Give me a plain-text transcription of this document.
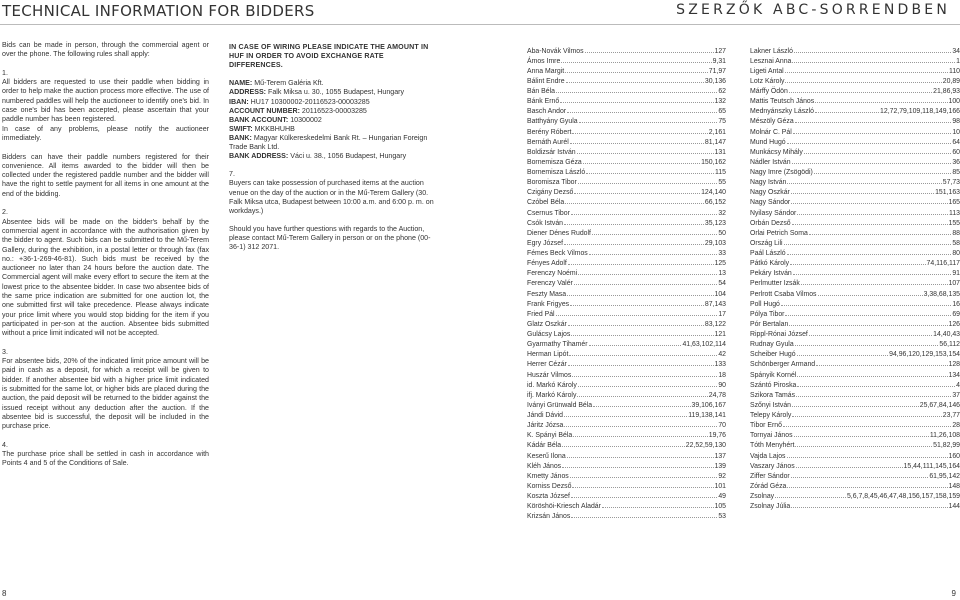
TECHNICAL INFORMATION FOR BIDDERS	SZERZŐK ABC-SORRENDBEN

Bids can be made in person, through the commercial agent or over the phone. The following rules shall apply:

1.
All bidders are requested to use their paddle when bidding in order to help make the auction process more effective. The use of numbered paddles will help the auctioneer to identify one's bid. In case one's bid has been accepted, please ascertain that your paddle number has been registered.
In case of any problems, please notify the auctioneer immediately.

Bidders can have their paddle numbers registered for their convenience. All items awarded to the bidder will then be collected under the registered paddle number and the bidder will have the right to settle payment for all items in one amount at the end of the bidding.

2.
Absentee bids will be made on the bidder's behalf by the commercial agent in accordance with the authorisation given by the bidder to agent. Such bids can be submitted to the Mű-Terem Gallery, during the exhibition, in a postal letter or through fax (fax no.: +36-1-269-46-81). Such bids must be received by the auctioneer no later than 24 hours before the auction date. The Commercial agent will make every effort to secure the item at the lowest price to the absentee bidder. In case two absentee bids of the same price indication are submitted for one auction lot, the one submitted first will take precedence. Please always indicate your price limit where you would stop bidding for the item if you participated in per-son at the auction. Absentee bids submitted without a price limit indicated will not be accepted.

3.
For absentee bids, 20% of the indicated limit price amount will be paid in cash as a deposit, for which a receipt will be given to bidder. If another absentee bid with a higher price limit indicated is submitted for the same lot, or higher bids are placed during the auction, the paid deposit will be returned to the bidder against the issued receipt without any deduction after the auction. If the absentee bid is successful, the deposit will be included in the purchase price.

4.
The purchase price shall be settled in cash in accordance with Points 4 and 5 of the Conditions of Sale.

IN CASE OF WIRING PLEASE INDICATE THE AMOUNT IN HUF IN ORDER TO AVOID EXCHANGE RATE DIFFERENCES.

NAME: Mű-Terem Galéria Kft.
ADDRESS: Falk Miksa u. 30., 1055 Budapest, Hungary
IBAN: HU17 10300002-20116523-00003285
ACCOUNT NUMBER: 20116523-00003285
BANK ACCOUNT: 10300002
SWIFT: MKKBHUHB
BANK: Magyar Külkereskedelmi Bank Rt. – Hungarian Foreign Trade Bank Ltd.
BANK ADDRESS: Váci u. 38., 1056 Budapest, Hungary

7.
Buyers can take possession of purchased items at the auction venue on the day of the auction or in the Mű-Terem Gallery (30. Falk Miksa utca, Budapest between 10:00 a.m. and 6:00 p. m. on workdays.)

Should you have further questions with regards to the Auction, please contact Mű-Terem Gallery in person or on the phone (00-36-1) 312 2071.

Aba-Novák Vilmos	127
Ámos Imre	9,31
Anna Margit	71,97
Bálint Endre	30,136
Bán Béla	62
Bánk Ernő	132
Basch Andor	65
Batthyány Gyula	75
Berény Róbert	2,161
Bernáth Aurél	81,147
Boldizsár István	131
Bornemisza Géza	150,162
Bornemisza László	115
Boromisza Tibor	55
Czigány Dezső	124,140
Czóbel Béla	66,152
Csernus Tibor	32
Csók István	35,123
Diener Dénes Rudolf	50
Egry József	29,103
Fémes Beck Vilmos	33
Fényes Adolf	125
Ferenczy Noémi	13
Ferenczy Valér	54
Feszty Masa	104
Frank Frigyes	87,143
Fried Pál	17
Glatz Oszkár	83,122
Gulácsy Lajos	121
Gyarmathy Tihamér	41,63,102,114
Herman Lipót	42
Herrer Cézár	133
Huszár Vilmos	18
id. Markó Károly	90
ifj. Markó Károly	24,78
Iványi Grünwald Béla	39,106,167
Jándi Dávid	119,138,141
Járitz Józsa	70
K. Spányi Béla	19,76
Kádár Béla	22,52,59,130
Keserű Ilona	137
Kléh János	139
Kmetty János	92
Korniss Dezső	101
Koszta József	49
Köröshöi-Kriesch Aladár	105
Krizsán János	53
Lakner László	34
Lesznai Anna	1
Ligeti Antal	110
Lotz Károly	20,89
Márffy Ödön	21,86,93
Mattis Teutsch János	100
Mednyánszky László	12,72,79,109,118,149,166
Mészöly Géza	98
Molnár C. Pál	10
Mund Hugó	64
Munkácsy Mihály	60
Nádler István	36
Nagy Imre (Zsögödi)	85
Nagy István	57,73
Nagy Oszkár	151,163
Nagy Sándor	165
Nyilasy Sándor	113
Orbán Dezső	155
Orlai Petrich Soma	88
Ország Lili	58
Paál László	80
Pátkó Károly	74,116,117
Pekáry István	91
Perlmutter Izsák	107
Perlrott Csaba Vilmos	3,38,68,135
Poll Hugó	16
Pólya Tibor	69
Pór Bertalan	126
Rippl-Rónai József	14,40,43
Rudnay Gyula	56,112
Scheiber Hugó	94,96,120,129,153,154
Schönberger Armand	128
Spányik Kornél	134
Szántó Piroska	4
Szikora Tamás	37
Szőnyi István	25,67,84,146
Telepy Károly	23,77
Tibor Ernő	28
Tornyai János	11,26,108
Tóth Menyhért	51,82,99
Vajda Lajos	160
Vaszary János	15,44,111,145,164
Ziffer Sándor	61,95,142
Zórád Géza	148
Zsolnay	5,6,7,8,45,46,47,48,156,157,158,159
Zsolnay Júlia	144
8	9
